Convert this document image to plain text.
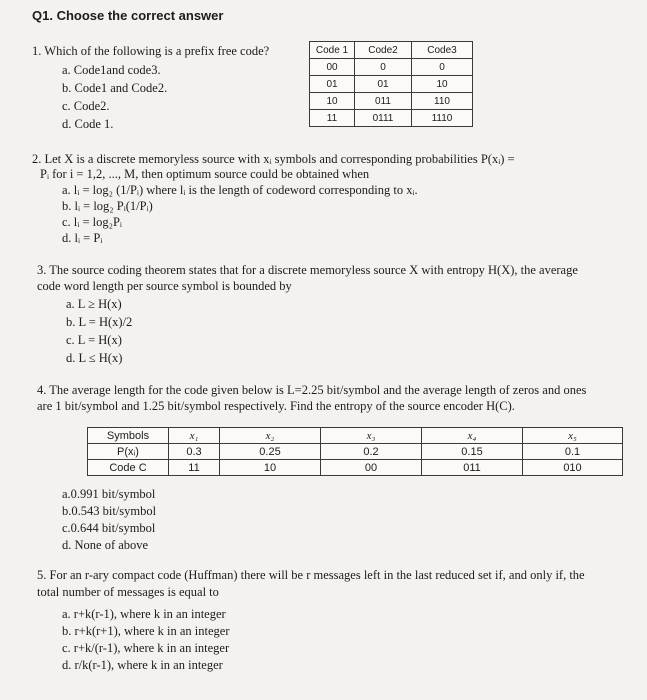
Q1. Choose the correct answer
1. Which of the following is a prefix free code?
a. Code1and code3.
b. Code1 and Code2.
c. Code2.
d. Code 1.
Code 1	Code2	Code3
00	0	0
01	01	10
10	011	110
11	0111	1110
2. Let X is a discrete memoryless source with xᵢ symbols and corresponding probabilities P(xᵢ) =
Pᵢ for i = 1,2, ..., M, then optimum source could be obtained when
a. lᵢ = log₂ (1/Pᵢ) where lᵢ is the length of codeword corresponding to xᵢ.
b. lᵢ = log₂ Pᵢ(1/Pᵢ)
c. lᵢ = log₂Pᵢ
d. lᵢ = Pᵢ
3. The source coding theorem states that for a discrete memoryless source X with entropy H(X), the average
code word length per source symbol is bounded by
a. L ≥ H(x)
b. L = H(x)/2
c. L = H(x)
d. L ≤ H(x)
4. The average length for the code given below is L=2.25 bit/symbol and the average length of zeros and ones
are 1 bit/symbol and 1.25 bit/symbol respectively. Find the entropy of the source encoder H(C).
Symbols	x₁	x₂	x₃	x₄	x₅
P(xᵢ)	0.3	0.25	0.2	0.15	0.1
Code C	11	10	00	011	010
a.0.991 bit/symbol
b.0.543 bit/symbol
c.0.644 bit/symbol
d. None of above
5. For an r-ary compact code (Huffman) there will be r messages left in the last reduced set if, and only if, the
total number of messages is equal to
a. r+k(r-1), where k in an integer
b. r+k(r+1), where k in an integer
c. r+k/(r-1), where k in an integer
d. r/k(r-1), where k in an integer
